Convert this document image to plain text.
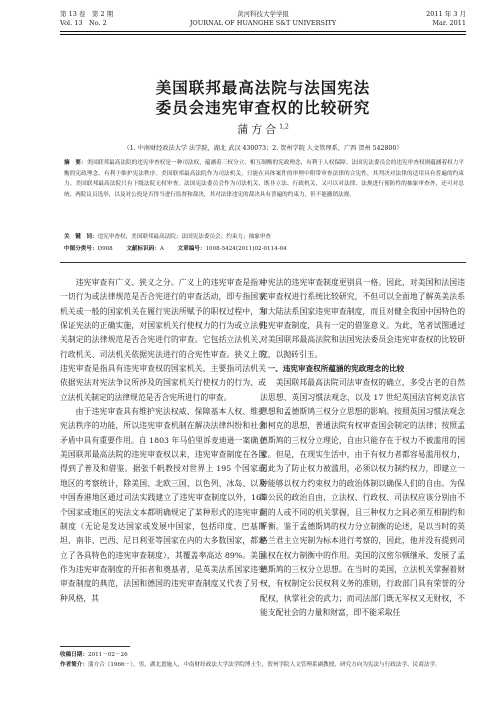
第 13 卷　第 2 期
Vol. 13　No. 2
黄河科技大学学报
JOURNAL OF HUANGHE S&T UNIVERSITY
2011 年 3 月
Mar. 2011
美国联邦最高法院与法国宪法
委员会违宪审查权的比较研究
蒲方合$^{1,2}$
（1. 中南财经政法大学 法学院，湖北 武汉 430073；2. 贺州学院 人文管理系，广西 贺州 542800）
摘　要：美国联邦最高法院的违宪审查权是一种司法权，蕴涵着三权分立、相互制衡的宪政理念，有利于人权保障。法国宪法委员会的违宪审查权则蕴涵着权力平衡的宪政理念，有利于维护宪法秩序。美国联邦最高法院作为司法机关，只能在具体案件的审理中附带审查法律的合宪性，其判决对法律的适用具有普遍的约束力。美国联邦最高法院只有下级法院无权审查。法国宪法委员会作为司法机关，既非立法、行政机关，又可以对法律、法规进行预防性的抽象审查外，还可对总统、两院议员选举，以及对公投是否得当进行监督和裁决，其对法律违宪的裁决具有普遍的约束力，但不能撤销法规。
关　键　词：违宪审查权；美国联邦最高法院；法国宪法委员会；约束力；抽象审查
中图分类号：D908 文献标识码：A 文章编号：1008-5424(2011)02-0114-04

违宪审查有广义、狭义之分。广义上的违宪审查是指对一切行为或法律规范是否合宪进行的审查活动，即专指国家机关或一般的国家机关在履行宪法所赋予的职权过程中，为保证宪法的正确实施，对国家机关行使权力的行为或立法机关制定的法律规范是否合宪进行的审查。它包括立法机关、行政机关、司法机关依据宪法进行的合宪性审查。狭义上的违宪审查是指具有违宪审查权的国家机关，主要指司法机关依据宪法对宪法争议所涉及的国家机关行使权力的行为、或立法机关制定的法律规范是否合宪所进行的审查。

由于违宪审查具有维护宪法权威、保障基本人权、维护宪法秩序的功能，所以违宪审查机制在解决法律纠纷和社会矛盾中具有重要作用。自 1803 年马伯里诉麦迪逊一案确立美国联邦最高法院的违宪审查权以来，违宪审查制度在各国得到了普及和借鉴。据张千帆教授对世界上 195 个国家或地区的考察统计，除美国、北欧三国、以色列、冰岛、以及中国香港地区通过司法实践建立了违宪审查制度以外，165 个国家或地区的宪法文本都明确规定了某种形式的违宪审查制度（无论是发达国家或发展中国家，包括印度、巴基斯坦、南非、巴西、尼日利亚等国家在内的大多数国家，都建立了各具特色的违宪审查制度），其覆盖率高达 89%。美国作为违宪审查制度的开拓者和奠基者，是英美法系国家违宪审查制度的典范，法国和德国的违宪审查制度又代表了另一种风格，其

中宪法的违宪审查制度更别具一格。因此，对美国和法国违宪审查权进行系统比较研究，不但可以全面地了解英美法系和大陆法系国家违宪审查制度，而且对健全我国中国特色的违宪审查制度，具有一定的借鉴意义。为此，笔者试图通过对美国联邦最高法院和法国宪法委员会违宪审查权的比较研究，以抛砖引玉。

一、违宪审查权所蕴涵的宪政理念的比较

美国联邦最高法院司法审查权的确立，多受古老的自然法思想、英国习惯法观念，以及 17 世纪英国法官柯克法官思想和孟德斯鸠三权分立思想的影响。按照英国习惯法观念和柯克的思想，普通法院有权审查国会制定的法律；按照孟德斯鸠的三权分立理论，自由只能存在于权力不被滥用的国家。但是，在现实生活中，由于有权力者都容易滥用权力，因此为了防止权力被滥用，必须以权力制约权力，即建立一种能够以权力约束权力的政治体制以确保人们的自由。为保障公民的政治自由，立法权、行政权、司法权应该分别由不同的人或不同的机关掌握，且三种权力之间必须互相制约和平衡。鉴于孟德斯鸠的权力分立制衡的论述，是以当时的英格兰君主立宪制为标本进行考察的，因此，他并没有提到司法权在权力制衡中的作用。美国的汉密尔顿继承、发展了孟德斯鸠的三权分立思想。在当时的美国，立法机关掌握着财权，有权制定公民权利义务的准则，行政部门具有荣誉的分配权，执掌社会的武力；而司法部门既无军权又无财权，不能支配社会的力量和财富，即不能采取任

收稿日期：2011－02－26
作者简介：蒲方合（1966－），男，湖北恩施人，中南财经政法大学法学院博士生，贺州学院人文管理系副教授，研究方向为宪法与行政法学、民商法学。
